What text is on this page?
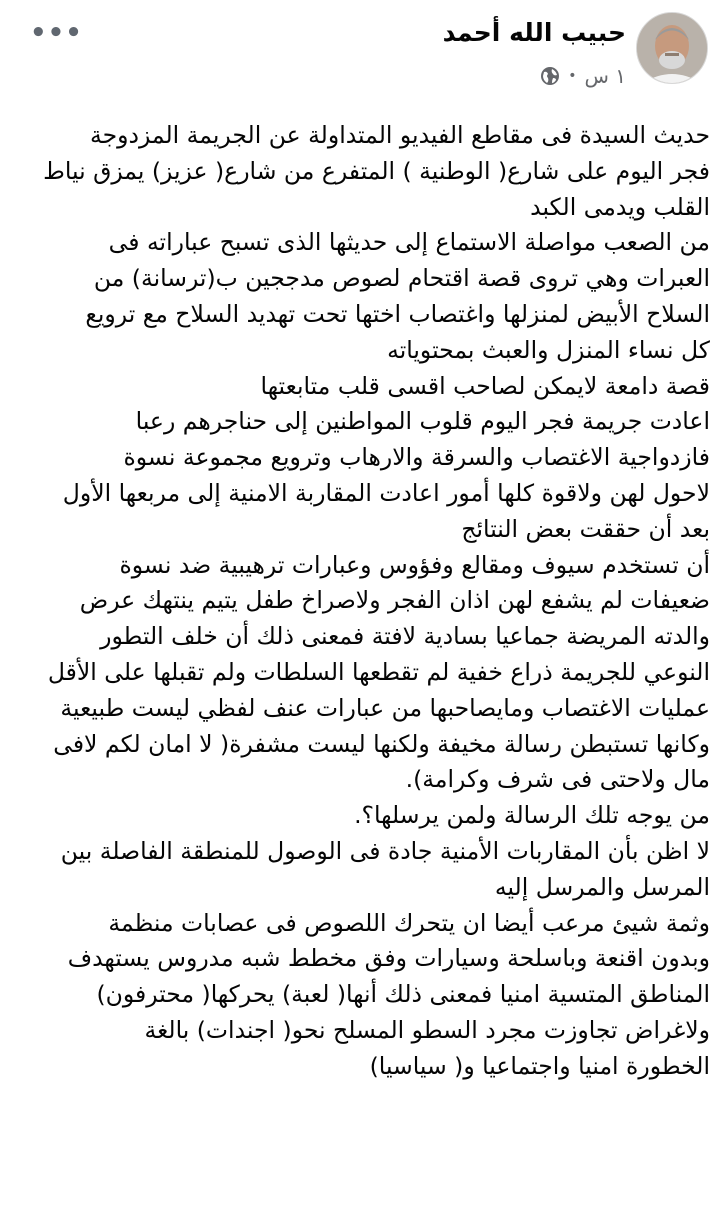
حبيب الله أحمد
١ س
•
•••
حديث السيدة فى مقاطع الفيديو المتداولة عن الجريمة المزدوجة
فجر اليوم على شارع( الوطنية ) المتفرع من شارع( عزيز) يمزق نياط
القلب ويدمى الكبد
من الصعب مواصلة الاستماع إلى حديثها الذى تسبح عباراته فى
العبرات وهي تروى قصة اقتحام لصوص مدججين ب(ترسانة) من
السلاح الأبيض لمنزلها واغتصاب اختها تحت تهديد السلاح مع ترويع
كل نساء المنزل والعبث بمحتوياته
قصة دامعة لايمكن لصاحب اقسى قلب متابعتها
اعادت جريمة فجر اليوم قلوب المواطنين إلى حناجرهم رعبا
فازدواجية الاغتصاب والسرقة والارهاب وترويع مجموعة نسوة
لاحول لهن ولاقوة كلها أمور اعادت المقاربة الامنية إلى مربعها الأول
بعد أن حققت بعض النتائج
أن تستخدم سيوف ومقالع وفؤوس وعبارات ترهيبية ضد نسوة
ضعيفات لم يشفع لهن اذان الفجر ولاصراخ طفل يتيم ينتهك عرض
والدته المريضة جماعيا بسادية لافتة فمعنى ذلك أن خلف التطور
النوعي للجريمة ذراع خفية لم تقطعها السلطات ولم تقبلها على الأقل
عمليات الاغتصاب ومايصاحبها من عبارات عنف لفظي ليست طبيعية
وكانها تستبطن رسالة مخيفة ولكنها ليست مشفرة( لا امان لكم لافى
مال ولاحتى فى شرف وكرامة).
من يوجه تلك الرسالة ولمن يرسلها؟.
لا اظن بأن المقاربات الأمنية جادة فى الوصول للمنطقة الفاصلة بين
المرسل والمرسل إليه
وثمة شيئ مرعب أيضا ان يتحرك اللصوص فى عصابات منظمة
وبدون اقنعة وباسلحة وسيارات وفق مخطط شبه مدروس يستهدف
المناطق المتسية امنيا فمعنى ذلك أنها( لعبة) يحركها( محترفون)
ولاغراض تجاوزت مجرد السطو المسلح نحو( اجندات) بالغة
الخطورة امنيا واجتماعيا و( سياسيا)
